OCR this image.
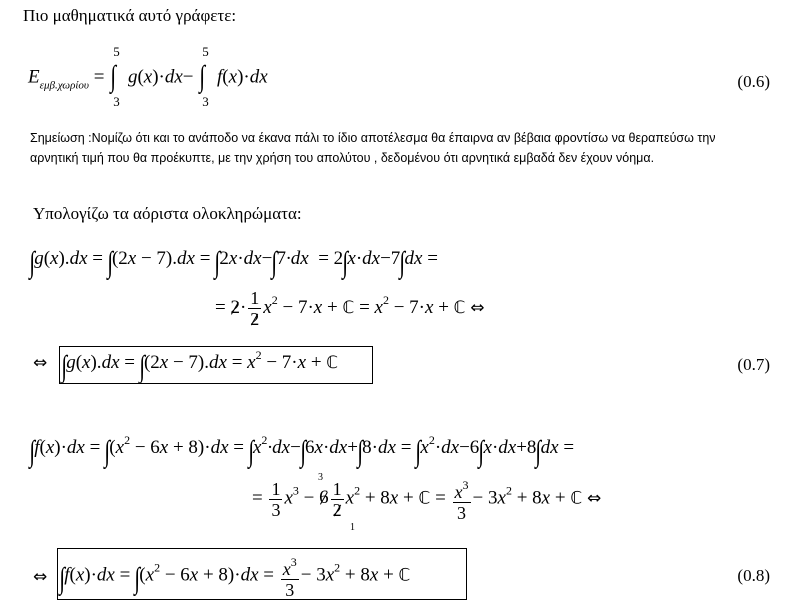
Πιο μαθηματικά αυτό γράφετε:
$E_{\varepsilon\mu\beta.\chi\omega\rho ίo\upsilon}$ = ∫
5
3
g(x)·dx− ∫
5
3
f(x)·dx	(0.6)
Σημείωση :Νομίζω ότι και το ανάποδο να έκανα πάλι το ίδιο αποτέλεσμα θα έπαιρνα αν βέβαια φροντίσω να θεραπεύσω την
αρνητική τιμή που θα προέκυπτε, με την χρήση του απολύτου , δεδομένου ότι αρνητικά εμβαδά δεν έχουν νόημα.
Υπολογίζω τα αόριστα ολοκληρώματα:
∫g(x).dx = ∫(2x − 7).dx = ∫2x·dx−∫7·dx  = 2∫x·dx−7∫dx =
= $2\cdot \frac{1}{2} x^2 - 7\cdot x$ + ℂ = $x^2 - 7\cdot x$ + ℂ ⇔
⇔ $\int g(x).dx = \int(2x - 7).dx = x^2 - 7\cdot x$ + ℂ	(0.7)
$\int f(x)\cdot dx = \int(x^2 - 6x + 8)\cdot dx = \int x^2\cdot dx-\int 6x\cdot dx+\int 8\cdot dx = \int x^2\cdot dx-6\int x\cdot dx+8\int dx$ =
= $\frac{1}{3} x^3 - 6 \frac{1}{2} x^2 + 8x$ + ℂ = $\frac{x^3}{3} - 3x^2 + 8x$ + ℂ ⇔
3
1
⇔ $\int f(x)\cdot dx = \int(x^2 - 6x + 8)\cdot dx = \frac{x^3}{3} - 3x^2 + 8x$ + ℂ	(0.8)
